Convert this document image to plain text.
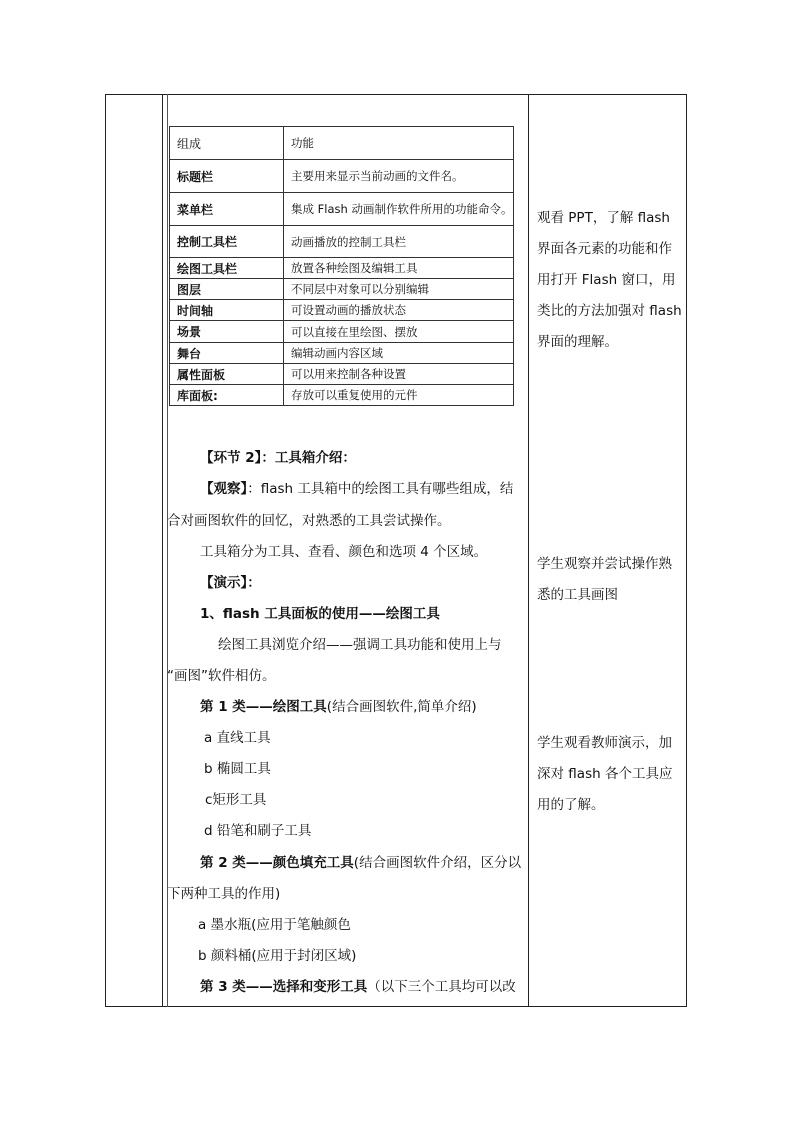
组成	功能
标题栏	主要用来显示当前动画的文件名。
菜单栏	集成 Flash 动画制作软件所用的功能命令。
控制工具栏	动画播放的控制工具栏
绘图工具栏	放置各种绘图及编辑工具
图层	不同层中对象可以分别编辑
时间轴	可设置动画的播放状态
场景	可以直接在里绘图、摆放
舞台	编辑动画内容区域
属性面板	可以用来控制各种设置
库面板:	存放可以重复使用的元件
【环节 2】：工具箱介绍：
【观察】：flash 工具箱中的绘图工具有哪些组成，结
合对画图软件的回忆，对熟悉的工具尝试操作。
工具箱分为工具、查看、颜色和选项 4 个区域。
【演示】：
1、flash 工具面板的使用——绘图工具
绘图工具浏览介绍——强调工具功能和使用上与
“画图”软件相仿。
第 1 类——绘图工具(结合画图软件,简单介绍)
a 直线工具
b 椭圆工具
c矩形工具
d 铅笔和刷子工具
第 2 类——颜色填充工具(结合画图软件介绍，区分以
下两种工具的作用)
a 墨水瓶(应用于笔触颜色
b 颜料桶(应用于封闭区域)
第 3 类——选择和变形工具（以下三个工具均可以改
观看 PPT，了解 flash 界面各元素的功能和作用打开 Flash 窗口，用类比的方法加强对 flash 界面的理解。
学生观察并尝试操作熟悉的工具画图
学生观看教师演示，加深对 flash 各个工具应用的了解。
